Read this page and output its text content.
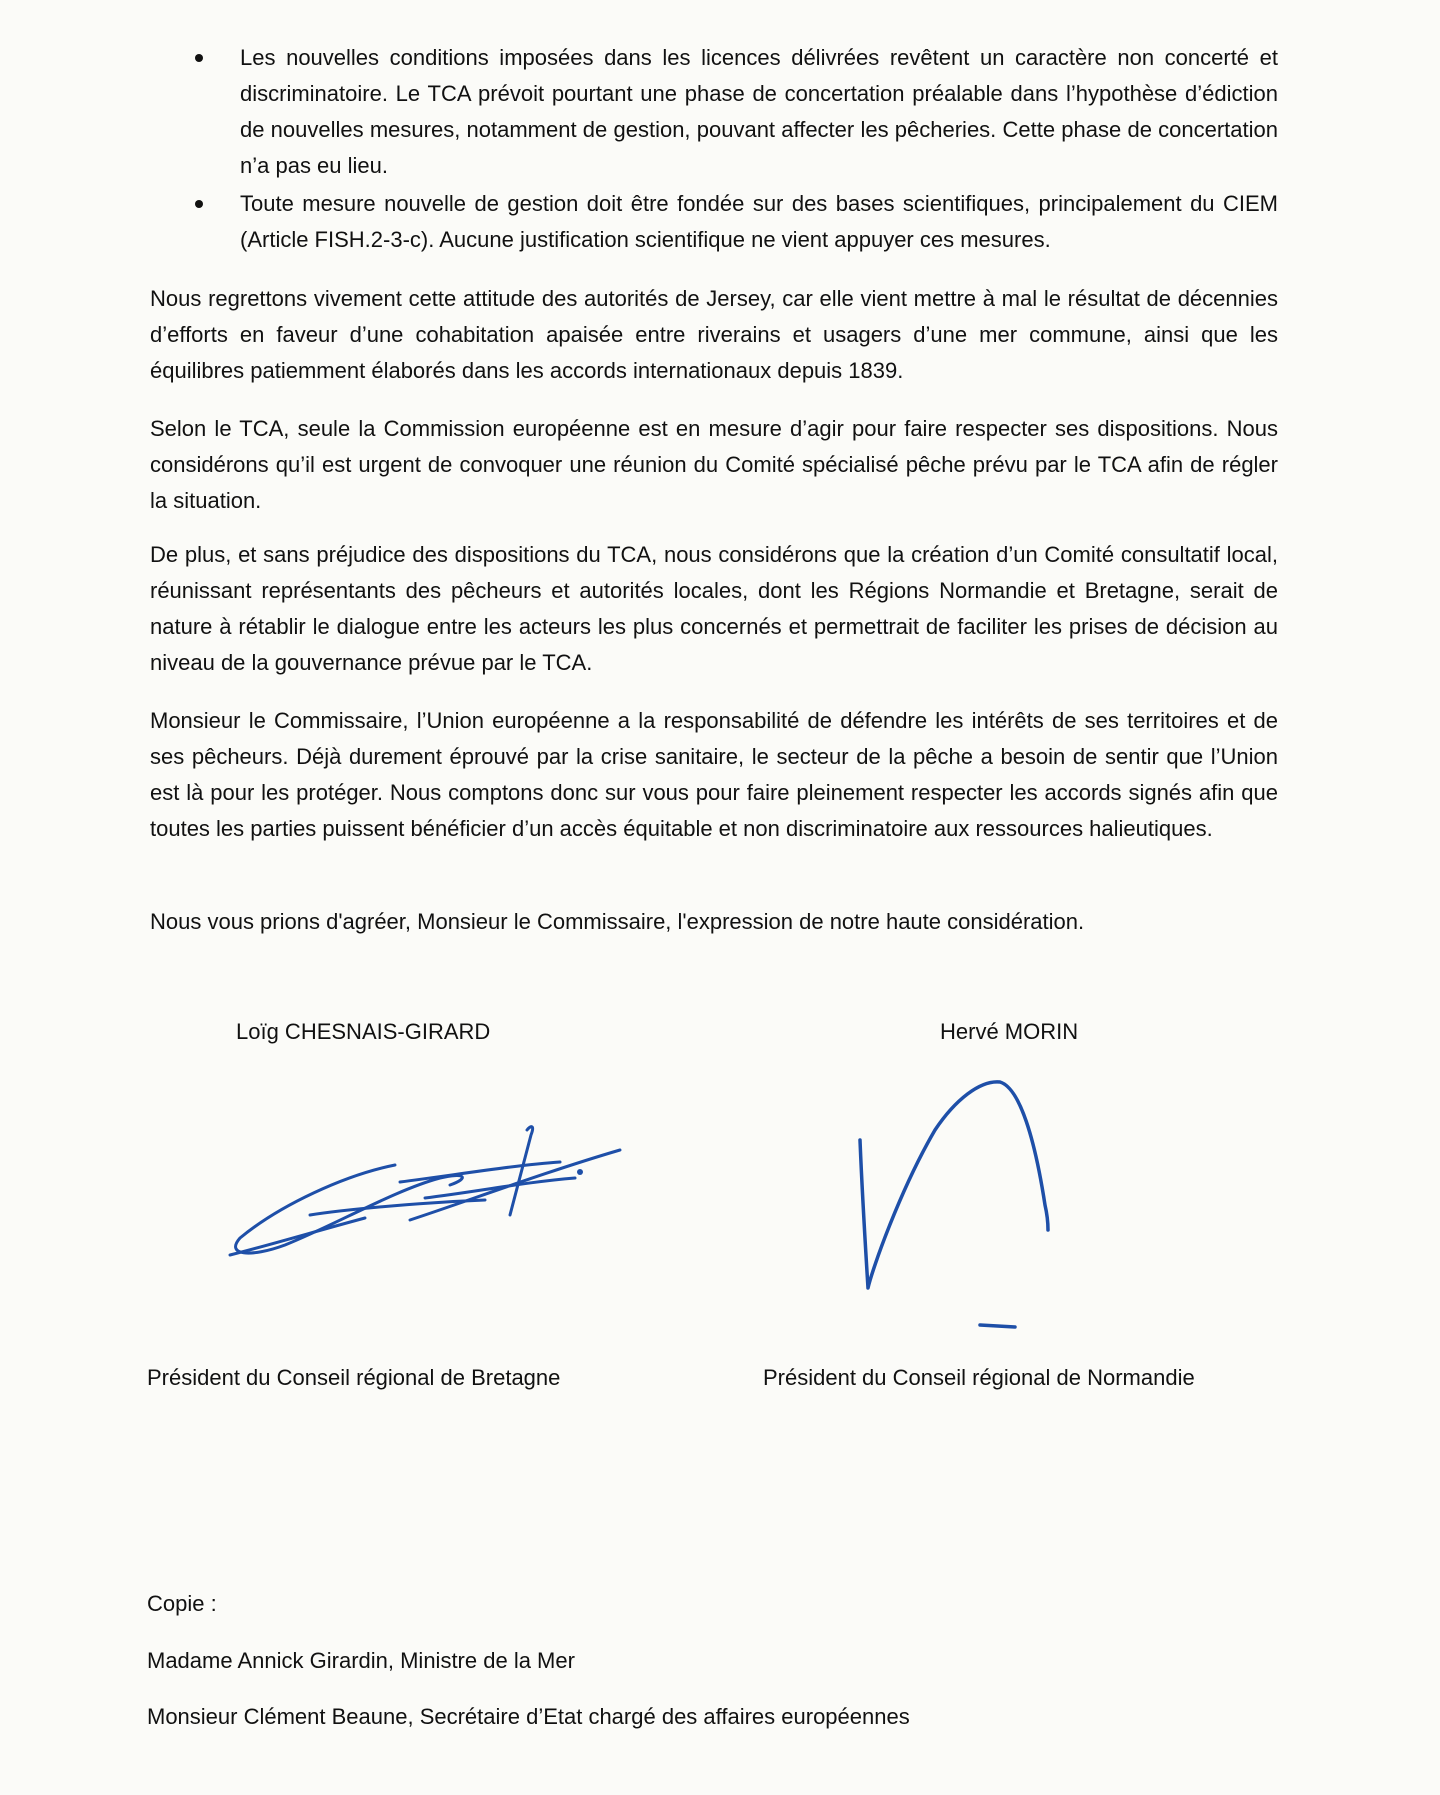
Les nouvelles conditions imposées dans les licences délivrées revêtent un caractère non concerté et discriminatoire. Le TCA prévoit pourtant une phase de concertation préalable dans l’hypothèse d’édiction de nouvelles mesures, notamment de gestion, pouvant affecter les pêcheries. Cette phase de concertation n’a pas eu lieu.
Toute mesure nouvelle de gestion doit être fondée sur des bases scientifiques, principalement du CIEM (Article FISH.2-3-c). Aucune justification scientifique ne vient appuyer ces mesures.

Nous regrettons vivement cette attitude des autorités de Jersey, car elle vient mettre à mal le résultat de décennies d’efforts en faveur d’une cohabitation apaisée entre riverains et usagers d’une mer commune, ainsi que les équilibres patiemment élaborés dans les accords internationaux depuis 1839.

Selon le TCA, seule la Commission européenne est en mesure d’agir pour faire respecter ses dispositions. Nous considérons qu’il est urgent de convoquer une réunion du Comité spécialisé pêche prévu par le TCA afin de régler la situation.

De plus, et sans préjudice des dispositions du TCA, nous considérons que la création d’un Comité consultatif local, réunissant représentants des pêcheurs et autorités locales, dont les Régions Normandie et Bretagne, serait de nature à rétablir le dialogue entre les acteurs les plus concernés et permettrait de faciliter les prises de décision au niveau de la gouvernance prévue par le TCA.

Monsieur le Commissaire, l’Union européenne a la responsabilité de défendre les intérêts de ses territoires et de ses pêcheurs. Déjà durement éprouvé par la crise sanitaire, le secteur de la pêche a besoin de sentir que l’Union est là pour les protéger. Nous comptons donc sur vous pour faire pleinement respecter les accords signés afin que toutes les parties puissent bénéficier d’un accès équitable et non discriminatoire aux ressources halieutiques.

Nous vous prions d'agréer, Monsieur le Commissaire, l'expression de notre haute considération.

Loïg CHESNAIS-GIRARD	Hervé MORIN
Président du Conseil régional de Bretagne	Président du Conseil régional de Normandie
Copie :
Madame Annick Girardin, Ministre de la Mer
Monsieur Clément Beaune, Secrétaire d’Etat chargé des affaires européennes
